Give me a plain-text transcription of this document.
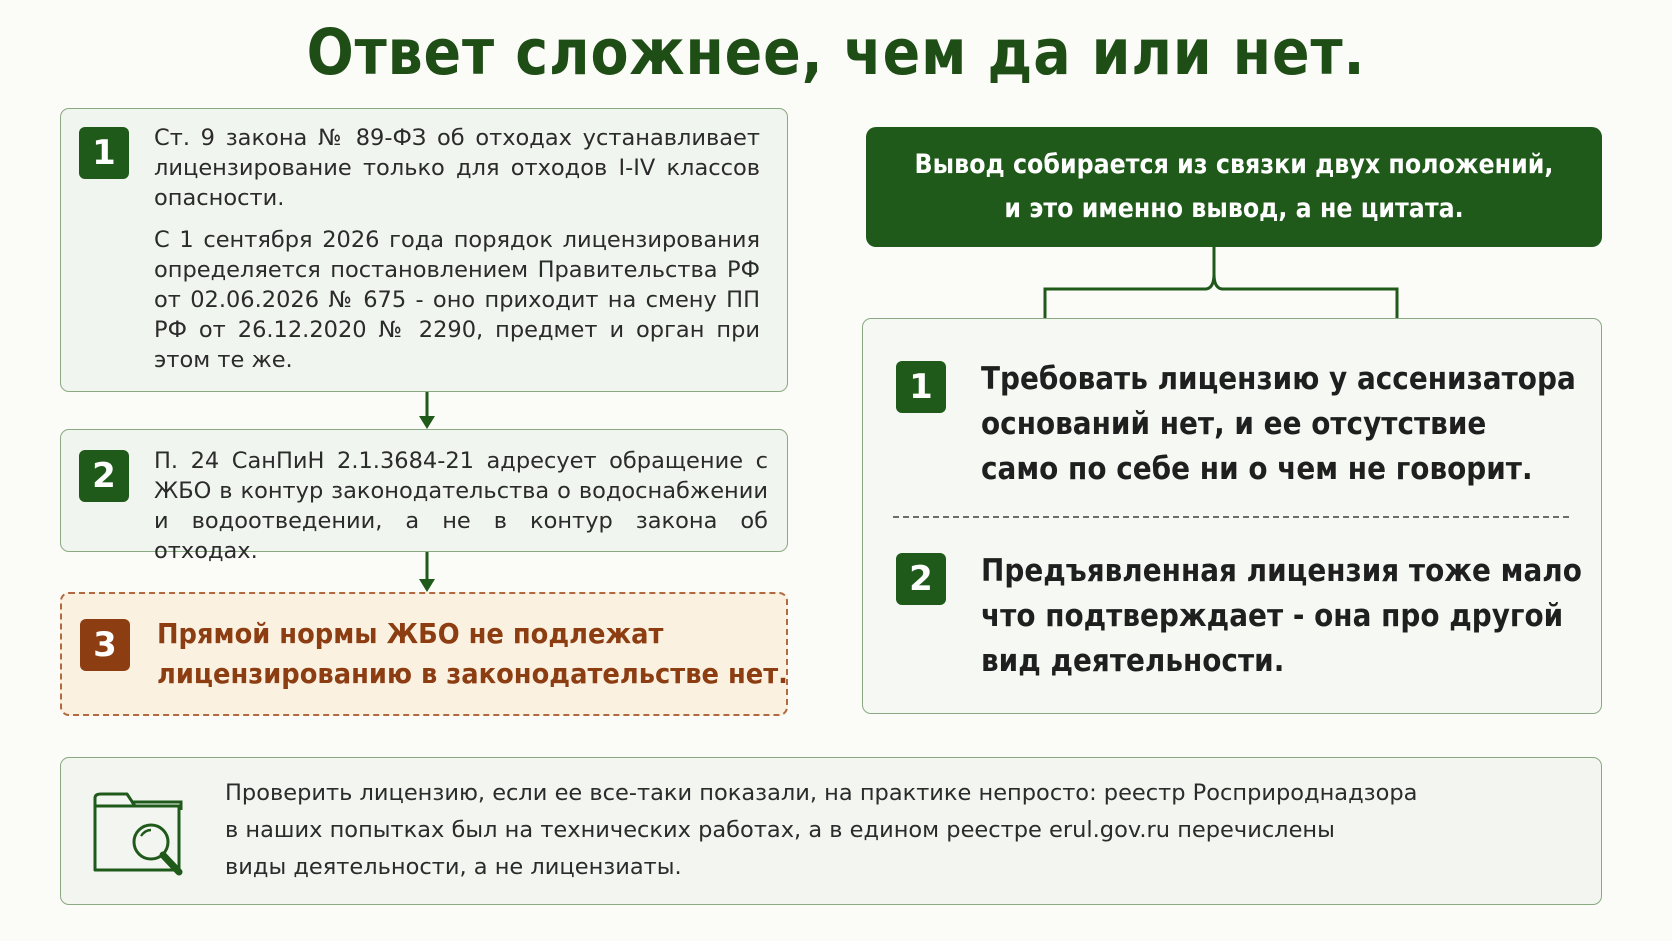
Ответ сложнее, чем да или нет.
1	Ст. 9 закона № 89-ФЗ об отходах устанавливает лицензирование только для отходов I-IV классов опасности.

С 1 сентября 2026 года порядок лицензирования определяется постановлением Правительства РФ от 02.06.2026 № 675 - оно приходит на смену ПП РФ от 26.12.2020 № 2290, предмет и орган при этом те же.

2	П. 24 СанПиН 2.1.3684-21 адресует обращение с ЖБО в контур законодательства о водоснабжении и водоотведении, а не в контур закона об отходах.

3	Прямой нормы ЖБО не подлежат
лицензированию в законодательстве нет.
Вывод собирается из связки двух положений,
и это именно вывод, а не цитата.
1	Требовать лицензию у ассенизатора
оснований нет, и ее отсутствие
само по себе ни о чем не говорит.
2	Предъявленная лицензия тоже мало
что подтверждает - она про другой
вид деятельности.
Проверить лицензию, если ее все-таки показали, на практике непросто: реестр Росприроднадзора
в наших попытках был на технических работах, а в едином реестре erul.gov.ru перечислены
виды деятельности, а не лицензиаты.
